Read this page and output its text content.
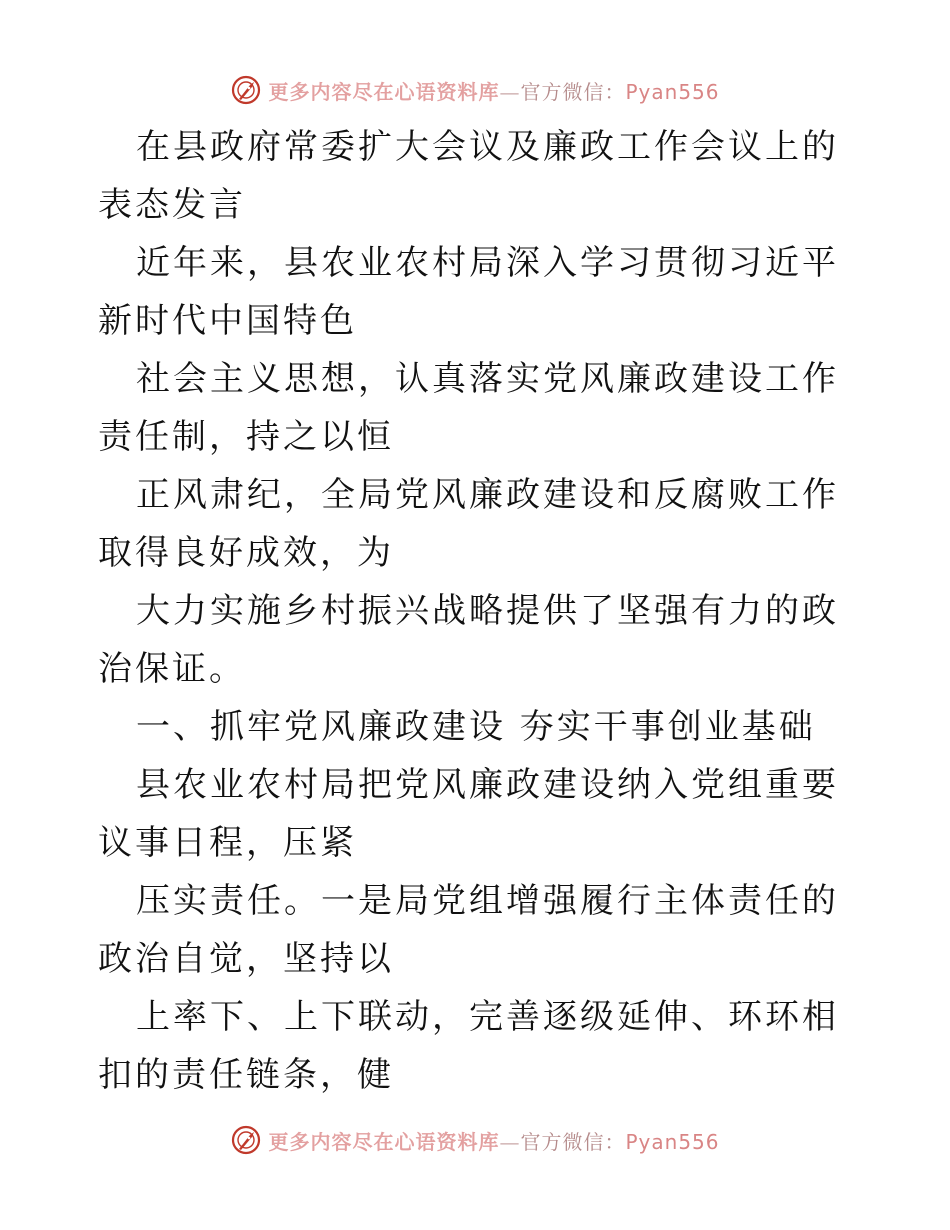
更多内容尽在心语资料库—官方微信：Pyan556

在县政府常委扩大会议及廉政工作会议上的表态发言

近年来，县农业农村局深入学习贯彻习近平新时代中国特色

社会主义思想，认真落实党风廉政建设工作责任制，持之以恒

正风肃纪，全局党风廉政建设和反腐败工作取得良好成效，为

大力实施乡村振兴战略提供了坚强有力的政治保证。

一、抓牢党风廉政建设 夯实干事创业基础

县农业农村局把党风廉政建设纳入党组重要议事日程，压紧

压实责任。一是局党组增强履行主体责任的政治自觉，坚持以

上率下、上下联动，完善逐级延伸、环环相扣的责任链条，健

更多内容尽在心语资料库—官方微信：Pyan556
